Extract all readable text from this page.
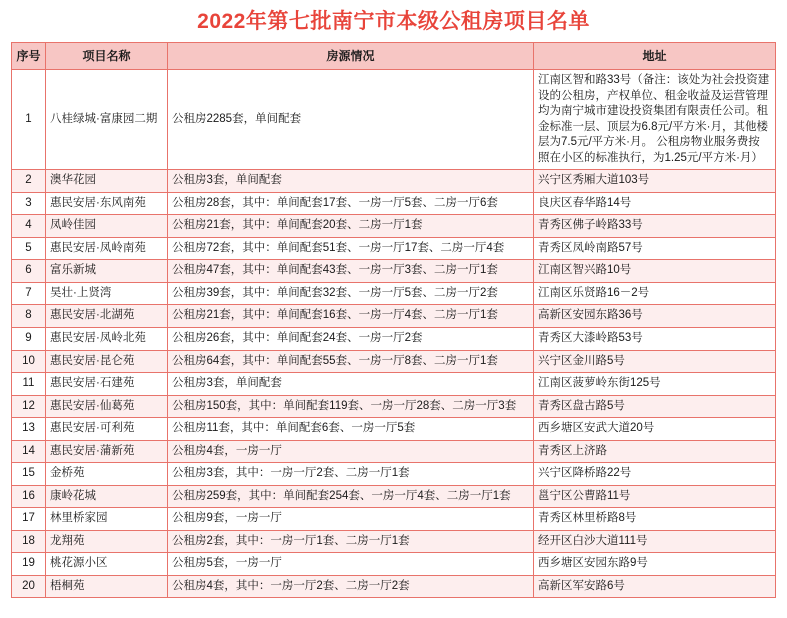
2022年第七批南宁市本级公租房项目名单
序号	项目名称	房源情况	地址
1	八桂绿城·富康园二期	公租房2285套，单间配套	江南区智和路33号（备注：该处为社会投资建设的公租房，产权单位、租金收益及运营管理均为南宁城市建设投资集团有限责任公司。租金标准一层、顶层为6.8元/平方米·月，其他楼层为7.5元/平方米·月。 公租房物业服务费按照在小区的标准执行，为1.25元/平方米·月）
2	澳华花园	公租房3套，单间配套	兴宁区秀厢大道103号
3	惠民安居·东风南苑	公租房28套，其中：单间配套17套、一房一厅5套、二房一厅6套	良庆区春华路14号
4	凤岭佳园	公租房21套，其中：单间配套20套、二房一厅1套	青秀区佛子岭路33号
5	惠民安居·凤岭南苑	公租房72套，其中：单间配套51套、一房一厅17套、二房一厅4套	青秀区凤岭南路57号
6	富乐新城	公租房47套，其中：单间配套43套、一房一厅3套、二房一厅1套	江南区智兴路10号
7	昊壮·上贤湾	公租房39套，其中：单间配套32套、一房一厅5套、二房一厅2套	江南区乐贤路16－2号
8	惠民安居·北湖苑	公租房21套，其中：单间配套16套、一房一厅4套、二房一厅1套	高新区安园东路36号
9	惠民安居·凤岭北苑	公租房26套，其中：单间配套24套、一房一厅2套	青秀区大漆岭路53号
10	惠民安居·昆仑苑	公租房64套，其中：单间配套55套、一房一厅8套、二房一厅1套	兴宁区金川路5号
11	惠民安居·石建苑	公租房3套，单间配套	江南区菠萝岭东街125号
12	惠民安居·仙葛苑	公租房150套，其中：单间配套119套、一房一厅28套、二房一厅3套	青秀区盘古路5号
13	惠民安居·可利苑	公租房11套，其中：单间配套6套、一房一厅5套	西乡塘区安武大道20号
14	惠民安居·蒲新苑	公租房4套，一房一厅	青秀区上济路
15	金桥苑	公租房3套，其中：一房一厅2套、二房一厅1套	兴宁区降桥路22号
16	康岭花城	公租房259套，其中：单间配套254套、一房一厅4套、二房一厅1套	邕宁区公曹路11号
17	林里桥家园	公租房9套，一房一厅	青秀区林里桥路8号
18	龙翔苑	公租房2套，其中：一房一厅1套、二房一厅1套	经开区白沙大道111号
19	桃花源小区	公租房5套，一房一厅	西乡塘区安园东路9号
20	梧桐苑	公租房4套，其中：一房一厅2套、二房一厅2套	高新区军安路6号
